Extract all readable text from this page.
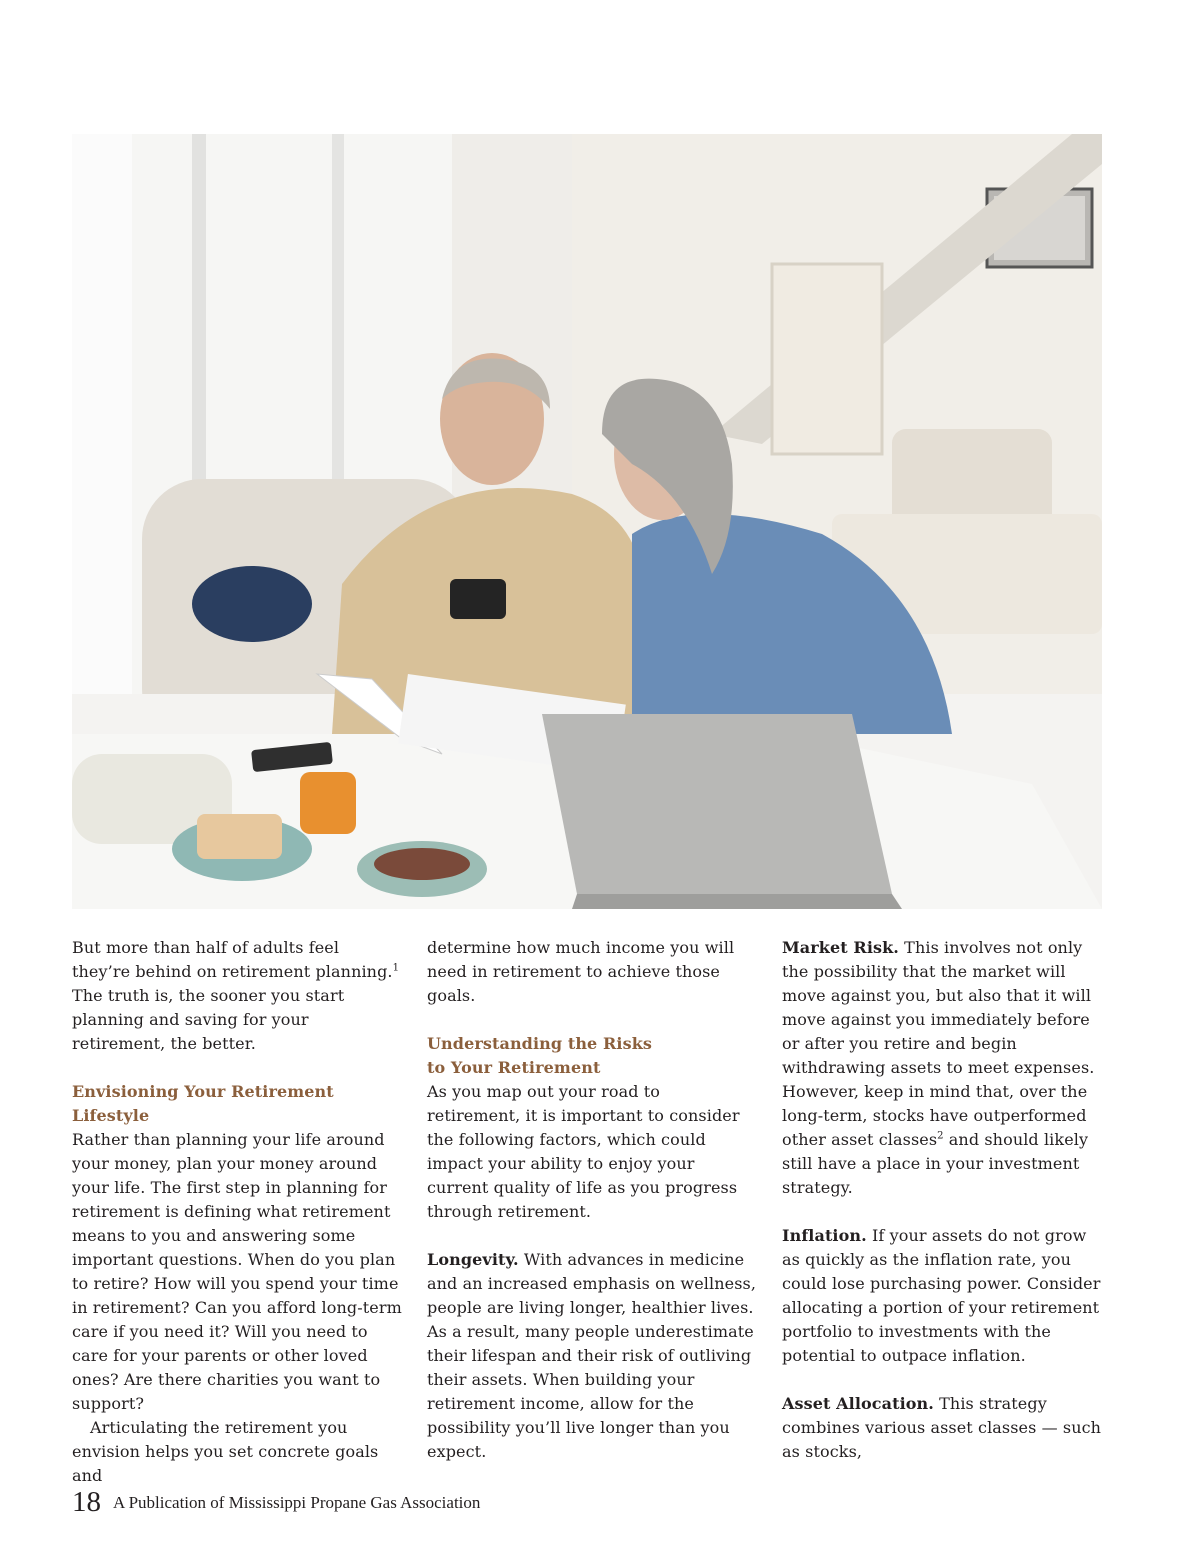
But more than half of adults feel they’re behind on retirement planning.$^1$ The truth is, the sooner you start planning and saving for your retirement, the better.

Envisioning Your Retirement Lifestyle

Rather than planning your life around your money, plan your money around your life. The first step in planning for retirement is defining what retirement means to you and answering some important questions. When do you plan to retire? How will you spend your time in retirement? Can you afford long-term care if you need it? Will you need to care for your parents or other loved ones? Are there charities you want to support?

Articulating the retirement you envision helps you set concrete goals and

determine how much income you will need in retirement to achieve those goals.

Understanding the Risks
to Your Retirement

As you map out your road to retirement, it is important to consider the following factors, which could impact your ability to enjoy your current quality of life as you progress through retirement.

Longevity. With advances in medicine and an increased emphasis on wellness, people are living longer, healthier lives. As a result, many people underestimate their lifespan and their risk of outliving their assets. When building your retirement income, allow for the possibility you’ll live longer than you expect.

Market Risk. This involves not only the possibility that the market will move against you, but also that it will move against you immediately before or after you retire and begin withdrawing assets to meet expenses. However, keep in mind that, over the long-term, stocks have outperformed other asset classes$^2$ and should likely still have a place in your investment strategy.

Inflation. If your assets do not grow as quickly as the inflation rate, you could lose purchasing power. Consider allocating a portion of your retirement portfolio to investments with the potential to outpace inflation.

Asset Allocation. This strategy combines various asset classes — such as stocks,

18 A Publication of Mississippi Propane Gas Association
